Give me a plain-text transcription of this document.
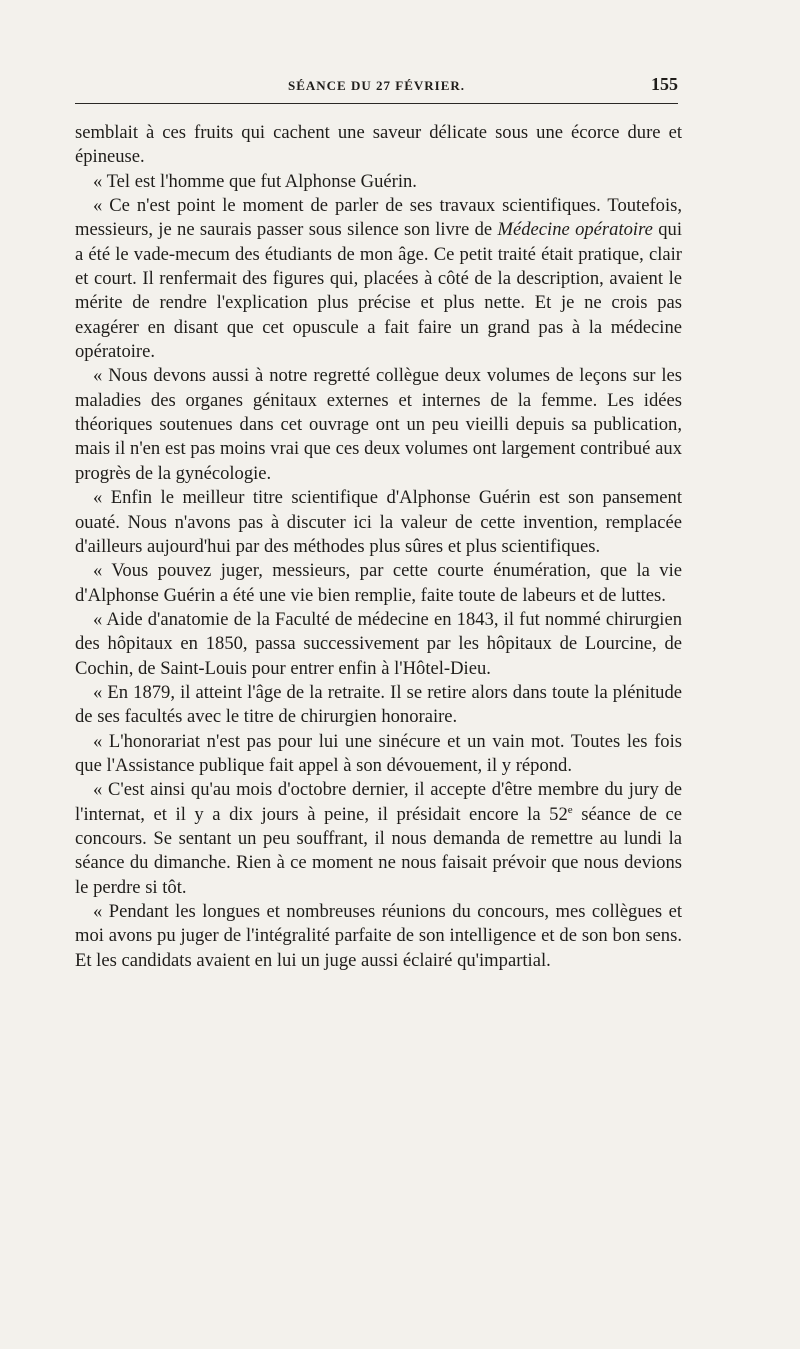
SÉANCE DU 27 FÉVRIER.	155

semblait à ces fruits qui cachent une saveur délicate sous une écorce dure et épineuse.

« Tel est l'homme que fut Alphonse Guérin.

« Ce n'est point le moment de parler de ses travaux scientifiques. Toutefois, messieurs, je ne saurais passer sous silence son livre de Médecine opératoire qui a été le vade-mecum des étudiants de mon âge. Ce petit traité était pratique, clair et court. Il renfermait des figures qui, placées à côté de la description, avaient le mérite de rendre l'explication plus précise et plus nette. Et je ne crois pas exagérer en disant que cet opuscule a fait faire un grand pas à la médecine opératoire.

« Nous devons aussi à notre regretté collègue deux volumes de leçons sur les maladies des organes génitaux externes et internes de la femme. Les idées théoriques soutenues dans cet ouvrage ont un peu vieilli depuis sa publication, mais il n'en est pas moins vrai que ces deux volumes ont largement contribué aux progrès de la gynécologie.

« Enfin le meilleur titre scientifique d'Alphonse Guérin est son pansement ouaté. Nous n'avons pas à discuter ici la valeur de cette invention, remplacée d'ailleurs aujourd'hui par des méthodes plus sûres et plus scientifiques.

« Vous pouvez juger, messieurs, par cette courte énumération, que la vie d'Alphonse Guérin a été une vie bien remplie, faite toute de labeurs et de luttes.

« Aide d'anatomie de la Faculté de médecine en 1843, il fut nommé chirurgien des hôpitaux en 1850, passa successivement par les hôpitaux de Lourcine, de Cochin, de Saint-Louis pour entrer enfin à l'Hôtel-Dieu.

« En 1879, il atteint l'âge de la retraite. Il se retire alors dans toute la plénitude de ses facultés avec le titre de chirurgien honoraire.

« L'honorariat n'est pas pour lui une sinécure et un vain mot. Toutes les fois que l'Assistance publique fait appel à son dévouement, il y répond.

« C'est ainsi qu'au mois d'octobre dernier, il accepte d'être membre du jury de l'internat, et il y a dix jours à peine, il présidait encore la 52e séance de ce concours. Se sentant un peu souffrant, il nous demanda de remettre au lundi la séance du dimanche. Rien à ce moment ne nous faisait prévoir que nous devions le perdre si tôt.

« Pendant les longues et nombreuses réunions du concours, mes collègues et moi avons pu juger de l'intégralité parfaite de son intelligence et de son bon sens. Et les candidats avaient en lui un juge aussi éclairé qu'impartial.
